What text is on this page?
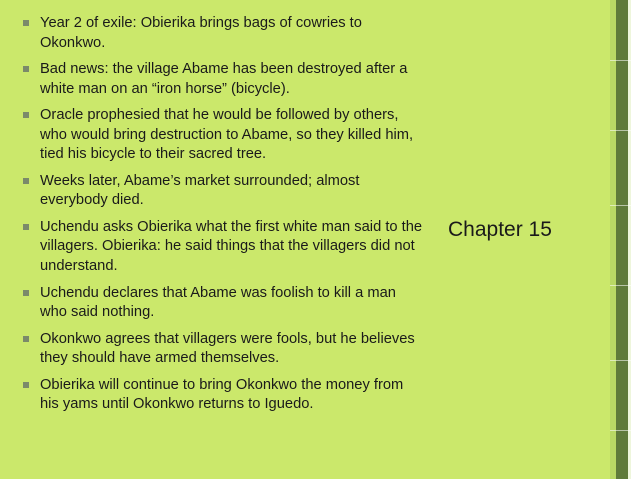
Year 2 of exile: Obierika brings bags of cowries to Okonkwo.
Bad news: the village Abame has been destroyed after a white man on an “iron horse” (bicycle).
Oracle prophesied that he would be followed by others, who would bring destruction to Abame, so they killed him, tied his bicycle to their sacred tree.
Weeks later, Abame’s market surrounded; almost everybody died.
Uchendu asks Obierika what the first white man said to the villagers. Obierika: he said things that the villagers did not understand.
Uchendu declares that Abame was foolish to kill a man who said nothing.
Okonkwo agrees that villagers were fools, but he believes they should have armed themselves.
Obierika will continue to bring Okonkwo the money from his yams until Okonkwo returns to Iguedo.
Chapter 15
